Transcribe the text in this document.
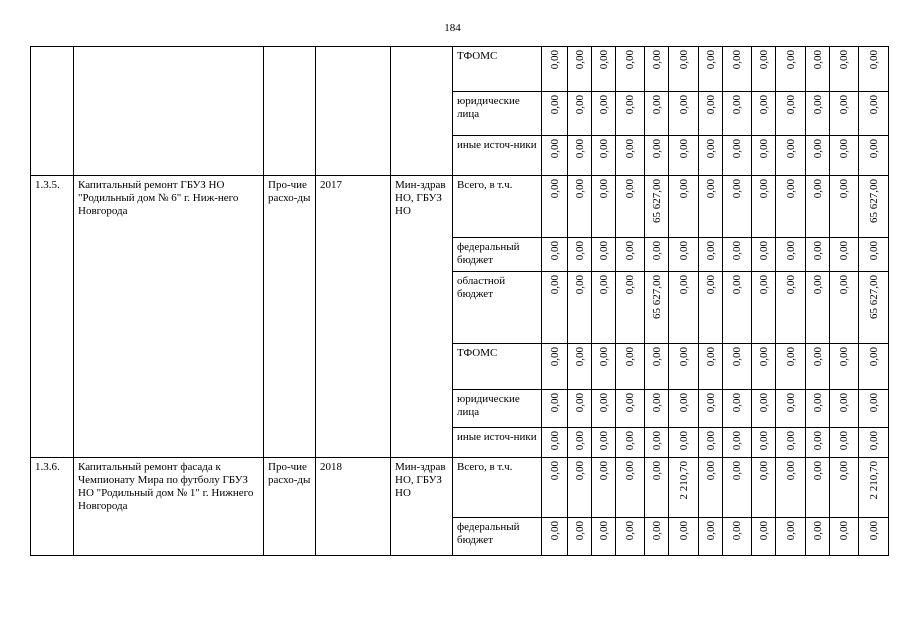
184
					ТФОМС	0,00	0,00	0,00	0,00	0,00	0,00	0,00	0,00	0,00	0,00	0,00	0,00	0,00
					юридические лица	0,00	0,00	0,00	0,00	0,00	0,00	0,00	0,00	0,00	0,00	0,00	0,00	0,00
					иные источ-ники	0,00	0,00	0,00	0,00	0,00	0,00	0,00	0,00	0,00	0,00	0,00	0,00	0,00
1.3.5.	Капитальный ремонт ГБУЗ НО "Родильный дом № 6" г. Ниж-него Новгорода	Про-чие расхо-ды	2017	Мин-здрав НО, ГБУЗ НО	Всего, в т.ч.	0,00	0,00	0,00	0,00	65 627,00	0,00	0,00	0,00	0,00	0,00	0,00	0,00	65 627,00
					федеральный бюджет	0,00	0,00	0,00	0,00	0,00	0,00	0,00	0,00	0,00	0,00	0,00	0,00	0,00
					областной бюджет	0,00	0,00	0,00	0,00	65 627,00	0,00	0,00	0,00	0,00	0,00	0,00	0,00	65 627,00
					ТФОМС	0,00	0,00	0,00	0,00	0,00	0,00	0,00	0,00	0,00	0,00	0,00	0,00	0,00
					юридические лица	0,00	0,00	0,00	0,00	0,00	0,00	0,00	0,00	0,00	0,00	0,00	0,00	0,00
					иные источ-ники	0,00	0,00	0,00	0,00	0,00	0,00	0,00	0,00	0,00	0,00	0,00	0,00	0,00
1.3.6.	Капитальный ремонт фасада к Чемпионату Мира по футболу ГБУЗ НО "Родильный дом № 1" г. Нижнего Новгорода	Про-чие расхо-ды	2018	Мин-здрав НО, ГБУЗ НО	Всего, в т.ч.	0,00	0,00	0,00	0,00	0,00	2 210,70	0,00	0,00	0,00	0,00	0,00	0,00	2 210,70
					федеральный бюджет	0,00	0,00	0,00	0,00	0,00	0,00	0,00	0,00	0,00	0,00	0,00	0,00	0,00
